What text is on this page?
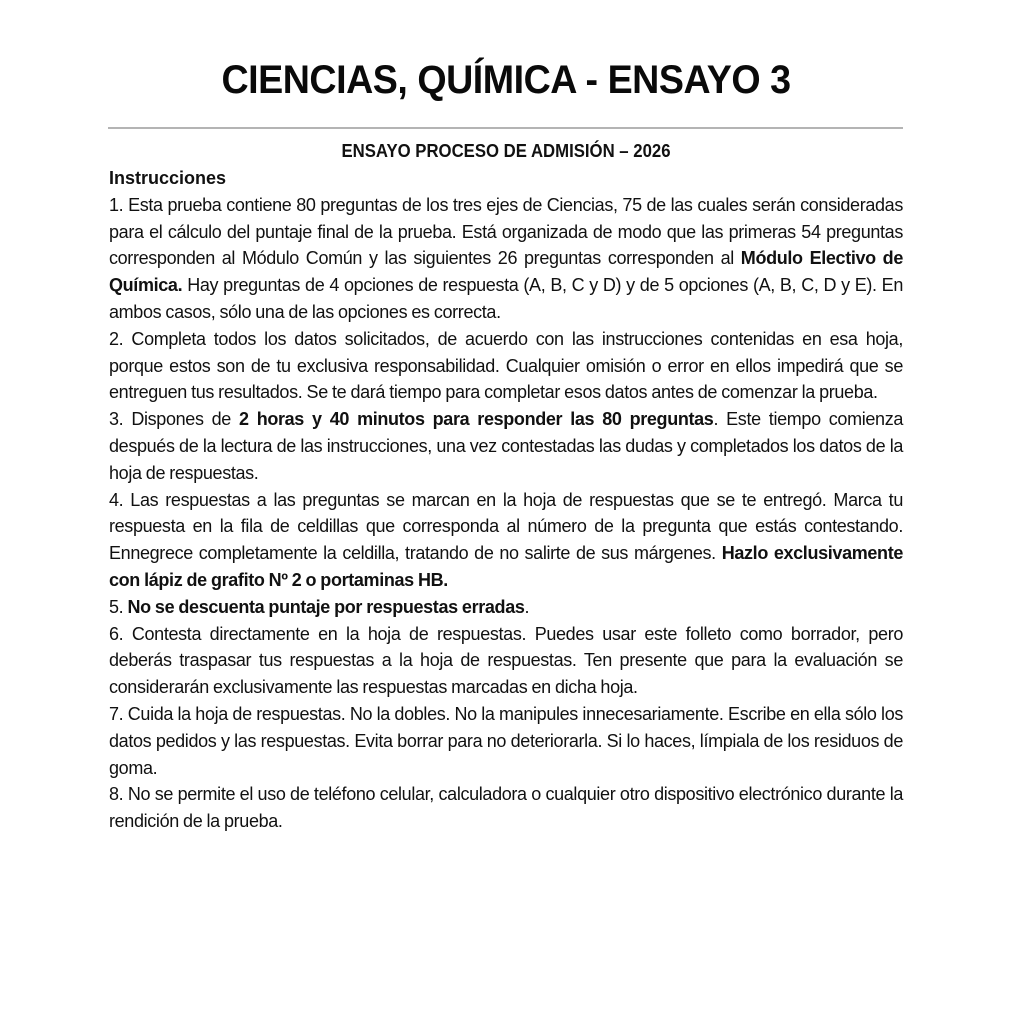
CIENCIAS, QUÍMICA - ENSAYO 3
ENSAYO PROCESO DE ADMISIÓN – 2026

Instrucciones

1. Esta prueba contiene 80 preguntas de los tres ejes de Ciencias, 75 de las cuales serán consideradas para el cálculo del puntaje final de la prueba. Está organizada de modo que las primeras 54 preguntas corresponden al Módulo Común y las siguientes 26 preguntas corresponden al Módulo Electivo de Química. Hay preguntas de 4 opciones de respuesta (A, B, C y D) y de 5 opciones (A, B, C, D y E). En ambos casos, sólo una de las opciones es correcta.

2. Completa todos los datos solicitados, de acuerdo con las instrucciones contenidas en esa hoja, porque estos son de tu exclusiva responsabilidad. Cualquier omisión o error en ellos impedirá que se entreguen tus resultados. Se te dará tiempo para completar esos datos antes de comenzar la prueba.

3. Dispones de 2 horas y 40 minutos para responder las 80 preguntas. Este tiempo comienza después de la lectura de las instrucciones, una vez contestadas las dudas y completados los datos de la hoja de respuestas.

4. Las respuestas a las preguntas se marcan en la hoja de respuestas que se te entregó. Marca tu respuesta en la fila de celdillas que corresponda al número de la pregunta que estás contestando. Ennegrece completamente la celdilla, tratando de no salirte de sus márgenes. Hazlo exclusivamente con lápiz de grafito Nº 2 o portaminas HB.

5. No se descuenta puntaje por respuestas erradas.

6. Contesta directamente en la hoja de respuestas. Puedes usar este folleto como borrador, pero deberás traspasar tus respuestas a la hoja de respuestas. Ten presente que para la evaluación se considerarán exclusivamente las respuestas marcadas en dicha hoja.

7. Cuida la hoja de respuestas. No la dobles. No la manipules innecesariamente. Escribe en ella sólo los datos pedidos y las respuestas. Evita borrar para no deteriorarla. Si lo haces, límpiala de los residuos de goma.

8. No se permite el uso de teléfono celular, calculadora o cualquier otro dispositivo electrónico durante la rendición de la prueba.
